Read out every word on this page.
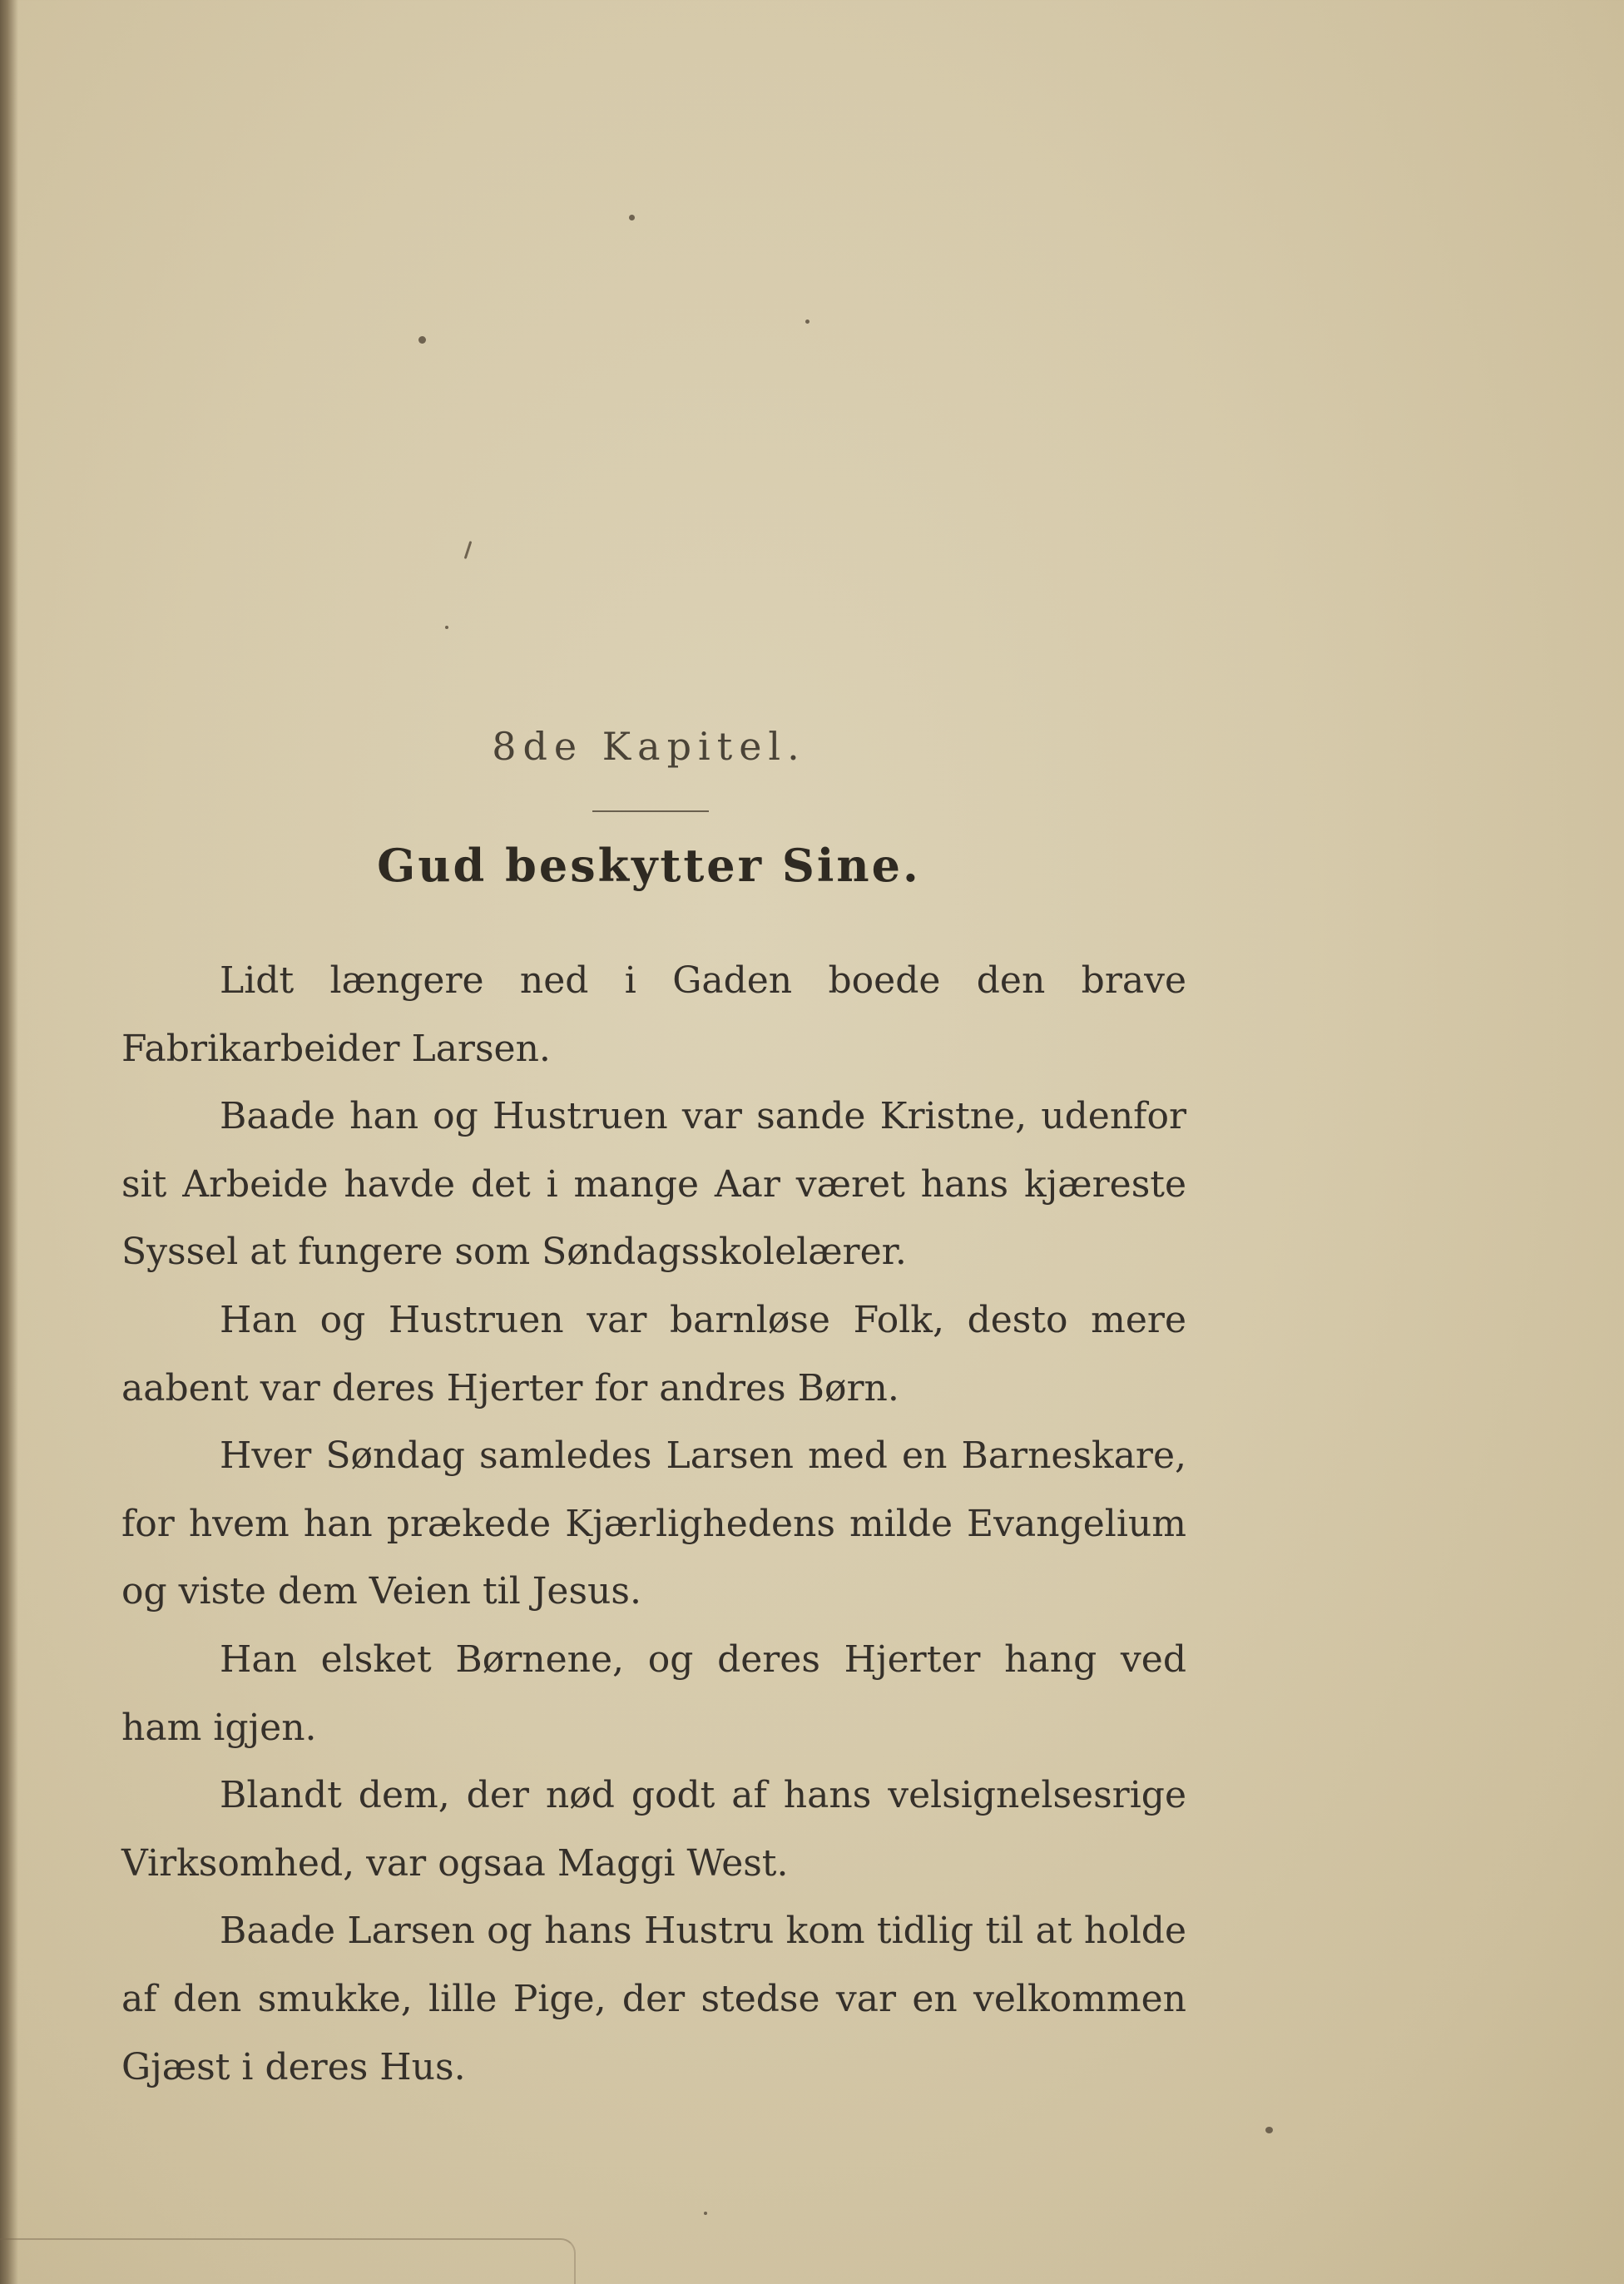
8de Kapitel.
Gud beskytter Sine.

Lidt længere ned i Gaden boede den brave Fabrikarbeider Larsen.

Baade han og Hustruen var sande Kristne, udenfor sit Arbeide havde det i mange Aar været hans kjæreste Syssel at fungere som Søndagsskolelærer.

Han og Hustruen var barnløse Folk, desto mere aabent var deres Hjerter for andres Børn.

Hver Søndag samledes Larsen med en Barneskare, for hvem han prækede Kjærlighedens milde Evangelium og viste dem Veien til Jesus.

Han elsket Børnene, og deres Hjerter hang ved ham igjen.

Blandt dem, der nød godt af hans velsignelsesrige Virksomhed, var ogsaa Maggi West.

Baade Larsen og hans Hustru kom tidlig til at holde af den smukke, lille Pige, der stedse var en velkommen Gjæst i deres Hus.
